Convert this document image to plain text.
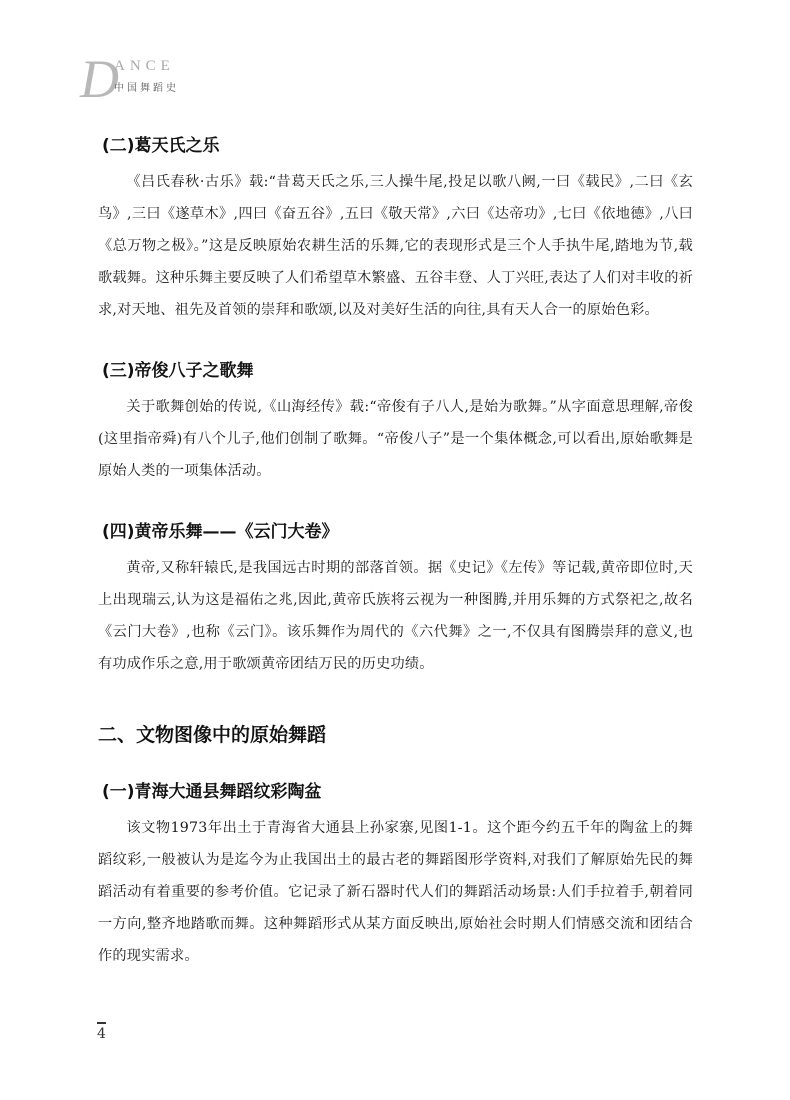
D
ANCE
中国舞蹈史
(二)葛天氏之乐

《吕氏春秋·古乐》载:“昔葛天氏之乐,三人操牛尾,投足以歌八阙,一曰《载民》,二曰《玄鸟》,三曰《遂草木》,四曰《奋五谷》,五曰《敬天常》,六曰《达帝功》,七曰《依地德》,八曰《总万物之极》。”这是反映原始农耕生活的乐舞,它的表现形式是三个人手执牛尾,踏地为节,载歌载舞。这种乐舞主要反映了人们希望草木繁盛、五谷丰登、人丁兴旺,表达了人们对丰收的祈求,对天地、祖先及首领的崇拜和歌颂,以及对美好生活的向往,具有天人合一的原始色彩。

(三)帝俊八子之歌舞

关于歌舞创始的传说,《山海经传》载:“帝俊有子八人,是始为歌舞。”从字面意思理解,帝俊(这里指帝舜)有八个儿子,他们创制了歌舞。“帝俊八子”是一个集体概念,可以看出,原始歌舞是原始人类的一项集体活动。

(四)黄帝乐舞——《云门大卷》

黄帝,又称轩辕氏,是我国远古时期的部落首领。据《史记》《左传》等记载,黄帝即位时,天上出现瑞云,认为这是福佑之兆,因此,黄帝氏族将云视为一种图腾,并用乐舞的方式祭祀之,故名《云门大卷》,也称《云门》。该乐舞作为周代的《六代舞》之一,不仅具有图腾崇拜的意义,也有功成作乐之意,用于歌颂黄帝团结万民的历史功绩。

二、文物图像中的原始舞蹈
(一)青海大通县舞蹈纹彩陶盆

该文物1973年出土于青海省大通县上孙家寨,见图1-1。这个距今约五千年的陶盆上的舞蹈纹彩,一般被认为是迄今为止我国出土的最古老的舞蹈图形学资料,对我们了解原始先民的舞蹈活动有着重要的参考价值。它记录了新石器时代人们的舞蹈活动场景:人们手拉着手,朝着同一方向,整齐地踏歌而舞。这种舞蹈形式从某方面反映出,原始社会时期人们情感交流和团结合作的现实需求。

4
